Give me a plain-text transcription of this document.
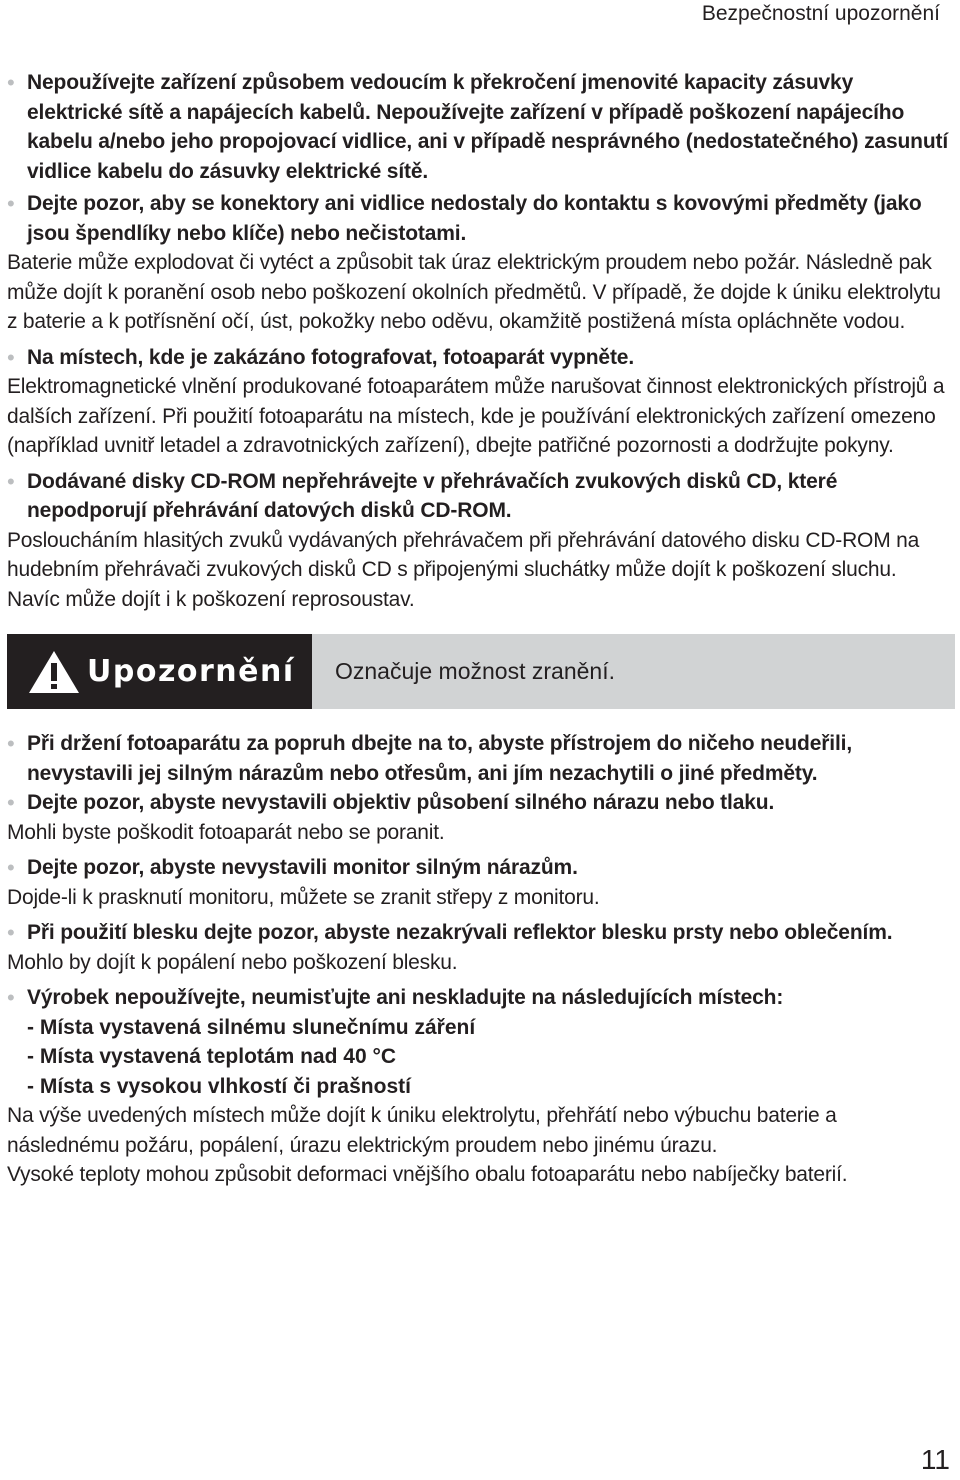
Bezpečnostní upozornění
• Nepoužívejte zařízení způsobem vedoucím k překročení jmenovité kapacity zásuvky elektrické sítě a napájecích kabelů. Nepoužívejte zařízení v případě poškození napájecího kabelu a/nebo jeho propojovací vidlice, ani v případě nesprávného (nedostatečného) zasunutí vidlice kabelu do zásuvky elektrické sítě.
• Dejte pozor, aby se konektory ani vidlice nedostaly do kontaktu s kovovými předměty (jako jsou špendlíky nebo klíče) nebo nečistotami.
Baterie může explodovat či vytéct a způsobit tak úraz elektrickým proudem nebo požár. Následně pak může dojít k poranění osob nebo poškození okolních předmětů. V případě, že dojde k úniku elektrolytu z baterie a k potřísnění očí, úst, pokožky nebo oděvu, okamžitě postižená místa opláchněte vodou.
• Na místech, kde je zakázáno fotografovat, fotoaparát vypněte.
Elektromagnetické vlnění produkované fotoaparátem může narušovat činnost elektronických přístrojů a dalších zařízení. Při použití fotoaparátu na místech, kde je používání elektronických zařízení omezeno (například uvnitř letadel a zdravotnických zařízení), dbejte patřičné pozornosti a dodržujte pokyny.
• Dodávané disky CD-ROM nepřehrávejte v přehrávačích zvukových disků CD, které nepodporují přehrávání datových disků CD-ROM.
Posloucháním hlasitých zvuků vydávaných přehrávačem při přehrávání datového disku CD-ROM na hudebním přehrávači zvukových disků CD s připojenými sluchátky může dojít k poškození sluchu. Navíc může dojít i k poškození reprosoustav.
Upozornění	Označuje možnost zranění.
• Při držení fotoaparátu za popruh dbejte na to, abyste přístrojem do ničeho neudeřili, nevystavili jej silným nárazům nebo otřesům, ani jím nezachytili o jiné předměty.
• Dejte pozor, abyste nevystavili objektiv působení silného nárazu nebo tlaku.
Mohli byste poškodit fotoaparát nebo se poranit.
• Dejte pozor, abyste nevystavili monitor silným nárazům.
Dojde-li k prasknutí monitoru, můžete se zranit střepy z monitoru.
• Při použití blesku dejte pozor, abyste nezakrývali reflektor blesku prsty nebo oblečením.
Mohlo by dojít k popálení nebo poškození blesku.
• Výrobek nepoužívejte, neumisťujte ani neskladujte na následujících místech:
- Místa vystavená silnému slunečnímu záření
- Místa vystavená teplotám nad 40 °C
- Místa s vysokou vlhkostí či prašností
Na výše uvedených místech může dojít k úniku elektrolytu, přehřátí nebo výbuchu baterie a následnému požáru, popálení, úrazu elektrickým proudem nebo jinému úrazu.
Vysoké teploty mohou způsobit deformaci vnějšího obalu fotoaparátu nebo nabíječky baterií.
11
